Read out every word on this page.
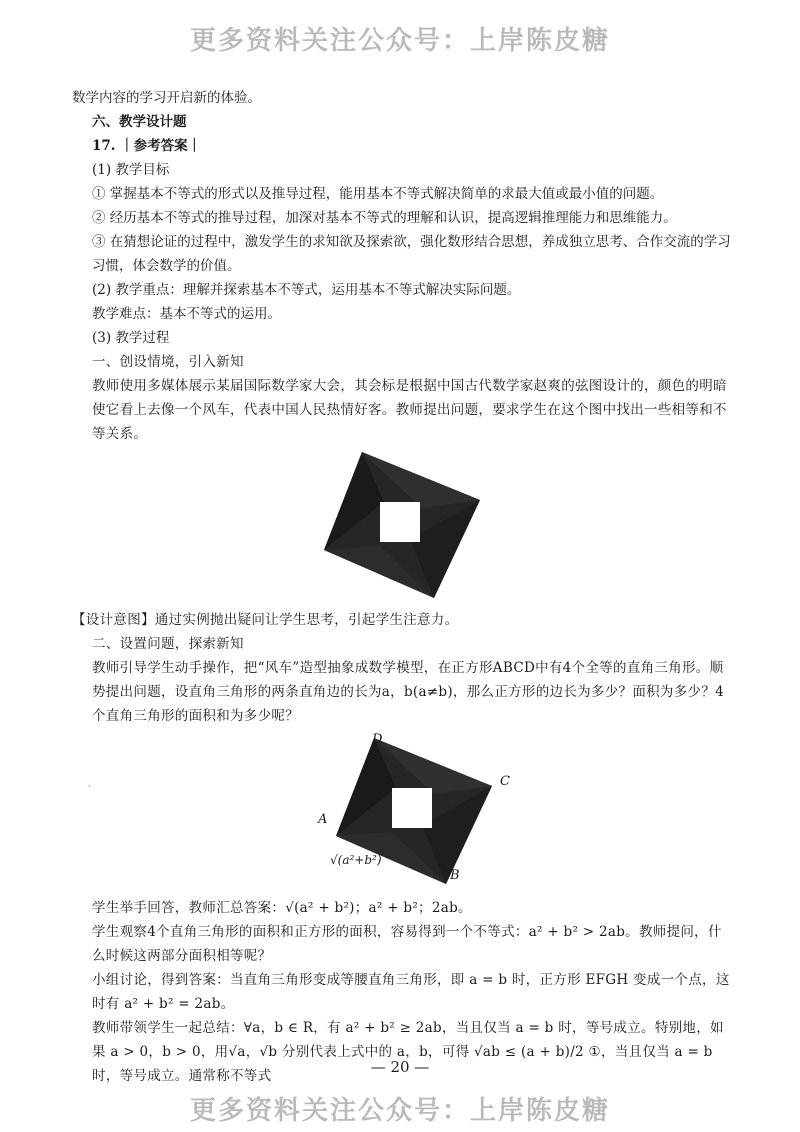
更多资料关注公众号：上岸陈皮糖

数学内容的学习开启新的体验。

六、教学设计题

17. ｜参考答案｜

(1) 教学目标

① 掌握基本不等式的形式以及推导过程，能用基本不等式解决简单的求最大值或最小值的问题。

② 经历基本不等式的推导过程，加深对基本不等式的理解和认识，提高逻辑推理能力和思维能力。

③ 在猜想论证的过程中，激发学生的求知欲及探索欲，强化数形结合思想，养成独立思考、合作交流的学习习惯，体会数学的价值。

(2) 教学重点：理解并探索基本不等式，运用基本不等式解决实际问题。

教学难点：基本不等式的运用。

(3) 教学过程

一、创设情境，引入新知

教师使用多媒体展示某届国际数学家大会，其会标是根据中国古代数学家赵爽的弦图设计的，颜色的明暗使它看上去像一个风车，代表中国人民热情好客。教师提出问题，要求学生在这个图中找出一些相等和不等关系。

【设计意图】通过实例抛出疑问让学生思考，引起学生注意力。

二、设置问题，探索新知

教师引导学生动手操作，把“风车”造型抽象成数学模型，在正方形ABCD中有4个全等的直角三角形。顺势提出问题，设直角三角形的两条直角边的长为a，b(a≠b)，那么正方形的边长为多少？面积为多少？4个直角三角形的面积和为多少呢？

D
C
A
B
√(a²+b²)

学生举手回答，教师汇总答案：√(a² + b²)；a² + b²；2ab。

学生观察4个直角三角形的面积和正方形的面积，容易得到一个不等式：a² + b² > 2ab。教师提问，什么时候这两部分面积相等呢？

小组讨论，得到答案：当直角三角形变成等腰直角三角形，即 a = b 时，正方形 EFGH 变成一个点，这时有 a² + b² = 2ab。

教师带领学生一起总结：∀a，b ∈ R，有 a² + b² ≥ 2ab，当且仅当 a = b 时，等号成立。特别地，如果 a > 0，b > 0，用√a，√b 分别代表上式中的 a，b，可得 √ab ≤ (a + b)/2 ①，当且仅当 a = b 时，等号成立。通常称不等式

·
— 20 —
更多资料关注公众号：上岸陈皮糖
